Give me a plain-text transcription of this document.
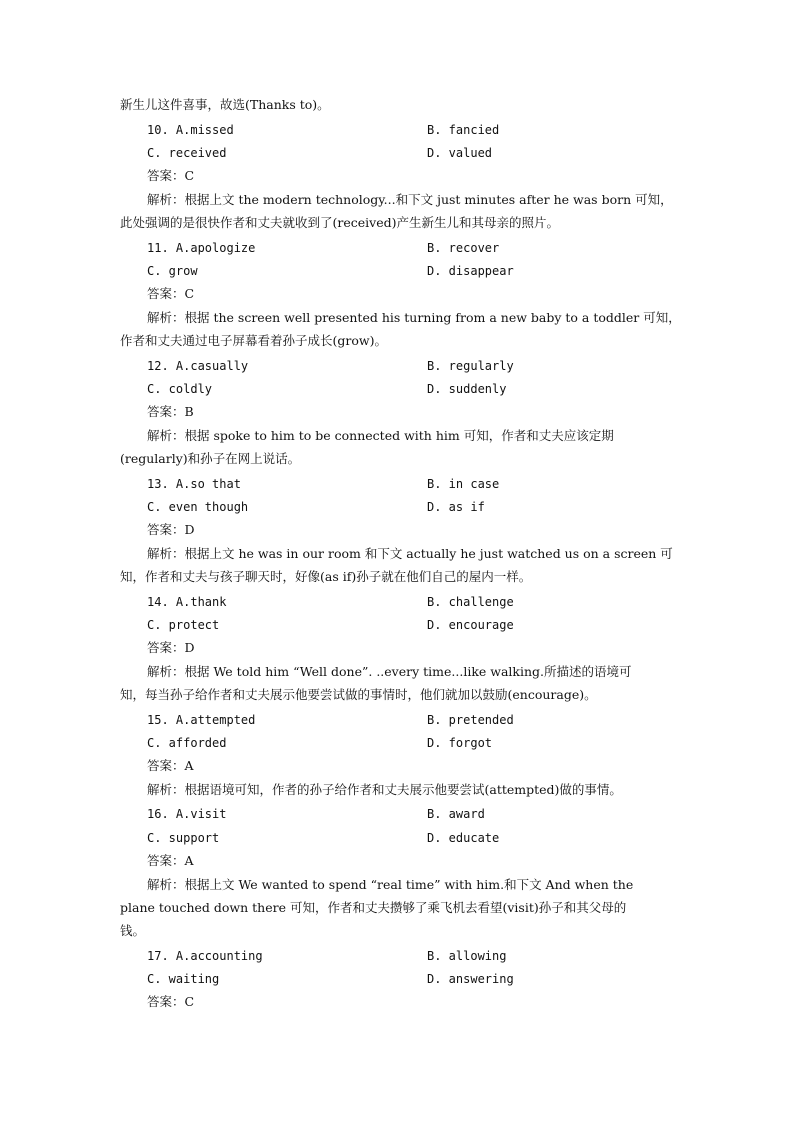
新生儿这件喜事，故选(Thanks to)。
10. A.missed	B. fancied
C. received	D. valued
答案：C
解析：根据上文 the modern technology...和下文 just minutes after he was born 可知，
此处强调的是很快作者和丈夫就收到了(received)产生新生儿和其母亲的照片。
11. A.apologize	B. recover
C. grow	D. disappear
答案：C
解析：根据 the screen well presented his turning from a new baby to a toddler 可知，
作者和丈夫通过电子屏幕看着孙子成长(grow)。
12. A.casually	B. regularly
C. coldly	D. suddenly
答案：B
解析：根据 spoke to him to be connected with him 可知，作者和丈夫应该定期
(regularly)和孙子在网上说话。
13. A.so that	B. in case
C. even though	D. as if
答案：D
解析：根据上文 he was in our room 和下文 actually he just watched us on a screen 可
知，作者和丈夫与孩子聊天时，好像(as if)孙子就在他们自己的屋内一样。
14. A.thank	B. challenge
C. protect	D. encourage
答案：D
解析：根据 We told him “Well done”. ..every time...like walking.所描述的语境可
知，每当孙子给作者和丈夫展示他要尝试做的事情时，他们就加以鼓励(encourage)。
15. A.attempted	B. pretended
C. afforded	D. forgot
答案：A
解析：根据语境可知，作者的孙子给作者和丈夫展示他要尝试(attempted)做的事情。
16. A.visit	B. award
C. support	D. educate
答案：A
解析：根据上文 We wanted to spend “real time” with him.和下文 And when the
plane touched down there 可知，作者和丈夫攒够了乘飞机去看望(visit)孙子和其父母的
钱。
17. A.accounting	B. allowing
C. waiting	D. answering
答案：C
